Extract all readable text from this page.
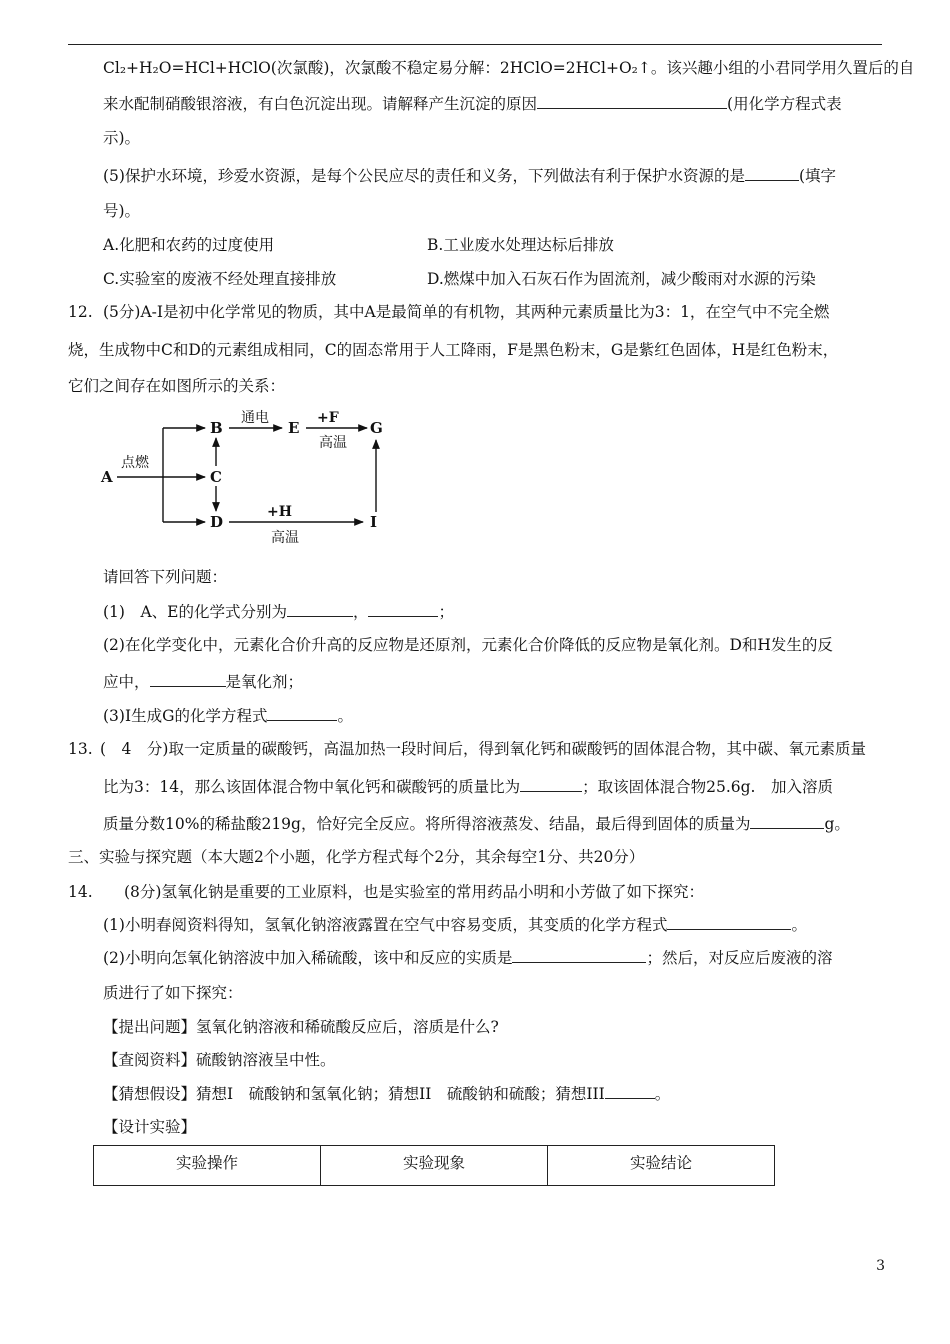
Cl₂+H₂O=HCl+HClO(次氯酸)，次氯酸不稳定易分解：2HClO=2HCl+O₂↑。该兴趣小组的小君同学用久置后的自
来水配制硝酸银溶液，有白色沉淀出现。请解释产生沉淀的原因	(用化学方程式表
示)。
(5)保护水环境，珍爱水资源，是每个公民应尽的责任和义务，下列做法有利于保护水资源的是	(填字
号)。
A.化肥和农药的过度使用	B.工业废水处理达标后排放
C.实验室的废液不经处理直接排放	D.燃煤中加入石灰石作为固流剂，减少酸雨对水源的污染
12. (5分)A-I是初中化学常见的物质，其中A是最简单的有机物，其两种元素质量比为3：1，在空气中不完全燃
烧，生成物中C和D的元素组成相同，C的固态常用于人工降雨，F是黑色粉末，G是紫红色固体，H是红色粉末，
它们之间存在如图所示的关系：
A
B
C
D
E	G
I
点燃
通电	+F
高温
+H
高温
请回答下列问题：
(1)　A、E的化学式分别为	，	；
(2)在化学变化中，元素化合价升高的反应物是还原剂，元素化合价降低的反应物是氧化剂。D和H发生的反
应中，	是氧化剂；
(3)I生成G的化学方程式	。
13. (　4　分)取一定质量的碳酸钙，高温加热一段时间后，得到氧化钙和碳酸钙的固体混合物，其中碳、氧元素质量
比为3：14，那么该固体混合物中氧化钙和碳酸钙的质量比为	；取该固体混合物25.6g.　加入溶质
质量分数10%的稀盐酸219g，恰好完全反应。将所得溶液蒸发、结晶，最后得到固体的质量为	g。
三、实验与探究题（本大题2个小题，化学方程式每个2分，其余每空1分、共20分）
14. (8分)氢氧化钠是重要的工业原料，也是实验室的常用药品小明和小芳做了如下探究：
(1)小明春阅资料得知，氢氧化钠溶液露置在空气中容易变质，其变质的化学方程式	。
(2)小明向怎氧化钠溶波中加入稀硫酸，该中和反应的实质是	；然后，对反应后废液的溶
质进行了如下探究：
【提出问题】氢氧化钠溶液和稀硫酸反应后，溶质是什么?
【查阅资料】硫酸钠溶液呈中性。
【猜想假设】猜想Ⅰ　硫酸钠和氢氧化钠；猜想II　硫酸钠和硫酸；猜想III	。
【设计实验】
实验操作	实验现象	实验结论
3
